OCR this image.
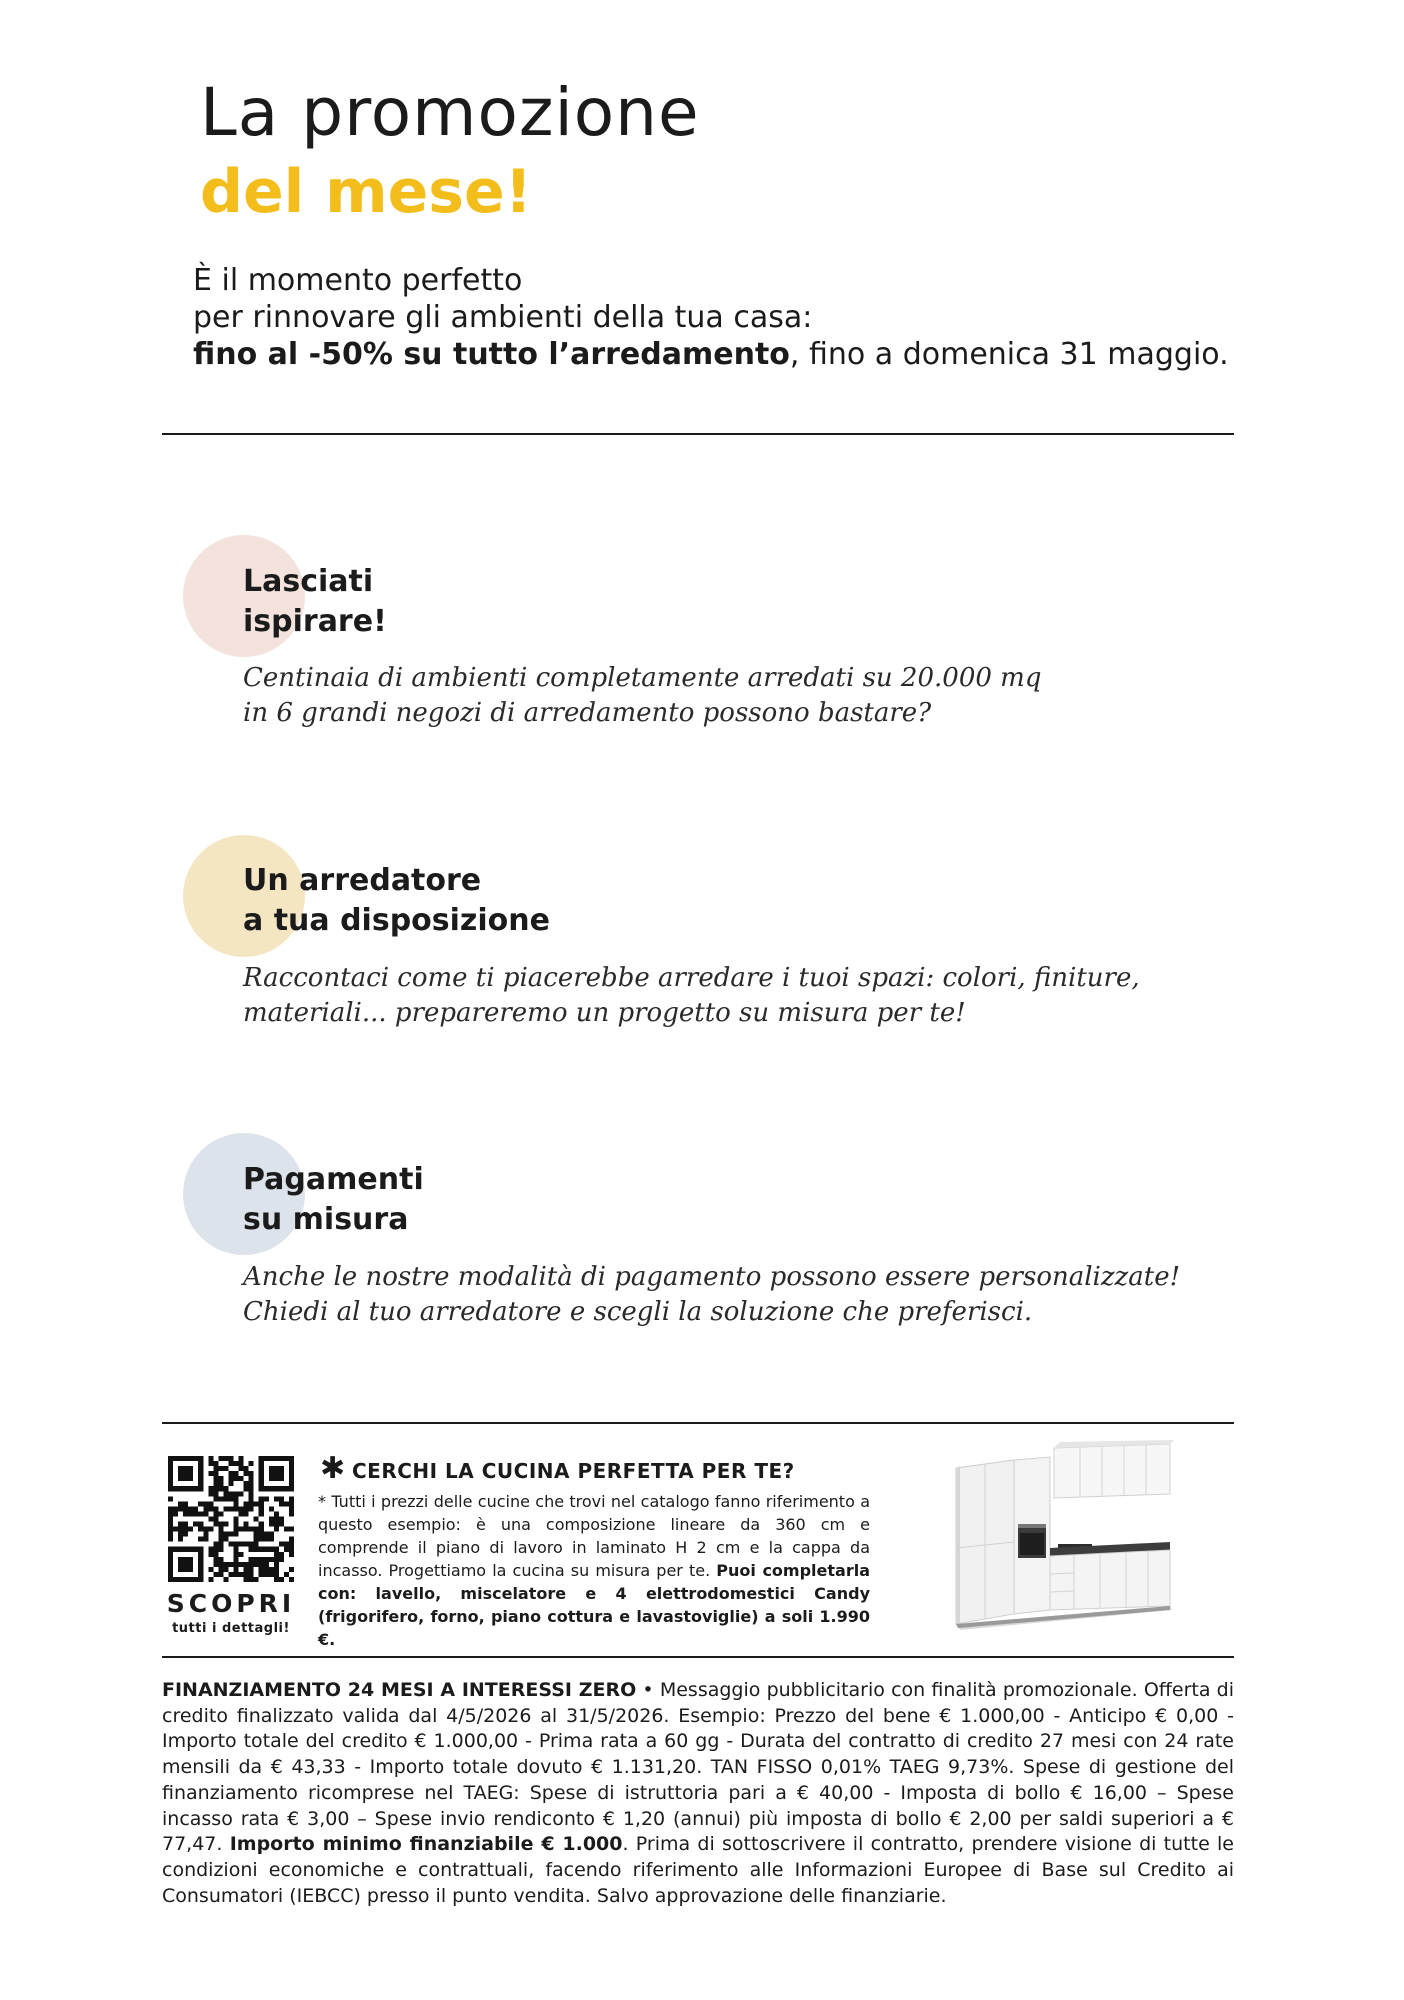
La promozione
del mese!
È il momento perfetto
per rinnovare gli ambienti della tua casa:
fino al -50% su tutto l’arredamento, fino a domenica 31 maggio.
Lasciati
ispirare!
Centinaia di ambienti completamente arredati su 20.000 mq
in 6 grandi negozi di arredamento possono bastare?
Un arredatore
a tua disposizione
Raccontaci come ti piacerebbe arredare i tuoi spazi: colori, finiture,
materiali... prepareremo un progetto su misura per te!
Pagamenti
su misura
Anche le nostre modalità di pagamento possono essere personalizzate!
Chiedi al tuo arredatore e scegli la soluzione che preferisci.
SCOPRI
tutti i dettagli!
✱ CERCHI LA CUCINA PERFETTA PER TE?
* Tutti i prezzi delle cucine che trovi nel catalogo fanno riferimento a questo esempio: è una composizione lineare da 360 cm e comprende il piano di lavoro in laminato H 2 cm e la cappa da incasso. Progettiamo la cucina su misura per te. Puoi completarla con: lavello, miscelatore e 4 elettrodomestici Candy (frigorifero, forno, piano cottura e lavastoviglie) a soli 1.990 €.
FINANZIAMENTO 24 MESI A INTERESSI ZERO • Messaggio pubblicitario con finalità promozionale. Offerta di credito finalizzato valida dal 4/5/2026 al 31/5/2026. Esempio: Prezzo del bene € 1.000,00 - Anticipo € 0,00 - Importo totale del credito € 1.000,00 - Prima rata a 60 gg - Durata del contratto di credito 27 mesi con 24 rate mensili da € 43,33 - Importo totale dovuto € 1.131,20. TAN FISSO 0,01% TAEG 9,73%. Spese di gestione del finanziamento ricomprese nel TAEG: Spese di istruttoria pari a € 40,00 - Imposta di bollo € 16,00 – Spese incasso rata € 3,00 – Spese invio rendiconto € 1,20 (annui) più imposta di bollo € 2,00 per saldi superiori a € 77,47. Importo minimo finanziabile € 1.000. Prima di sottoscrivere il contratto, prendere visione di tutte le condizioni economiche e contrattuali, facendo riferimento alle Informazioni Europee di Base sul Credito ai Consumatori (IEBCC) presso il punto vendita. Salvo approvazione delle finanziarie.
